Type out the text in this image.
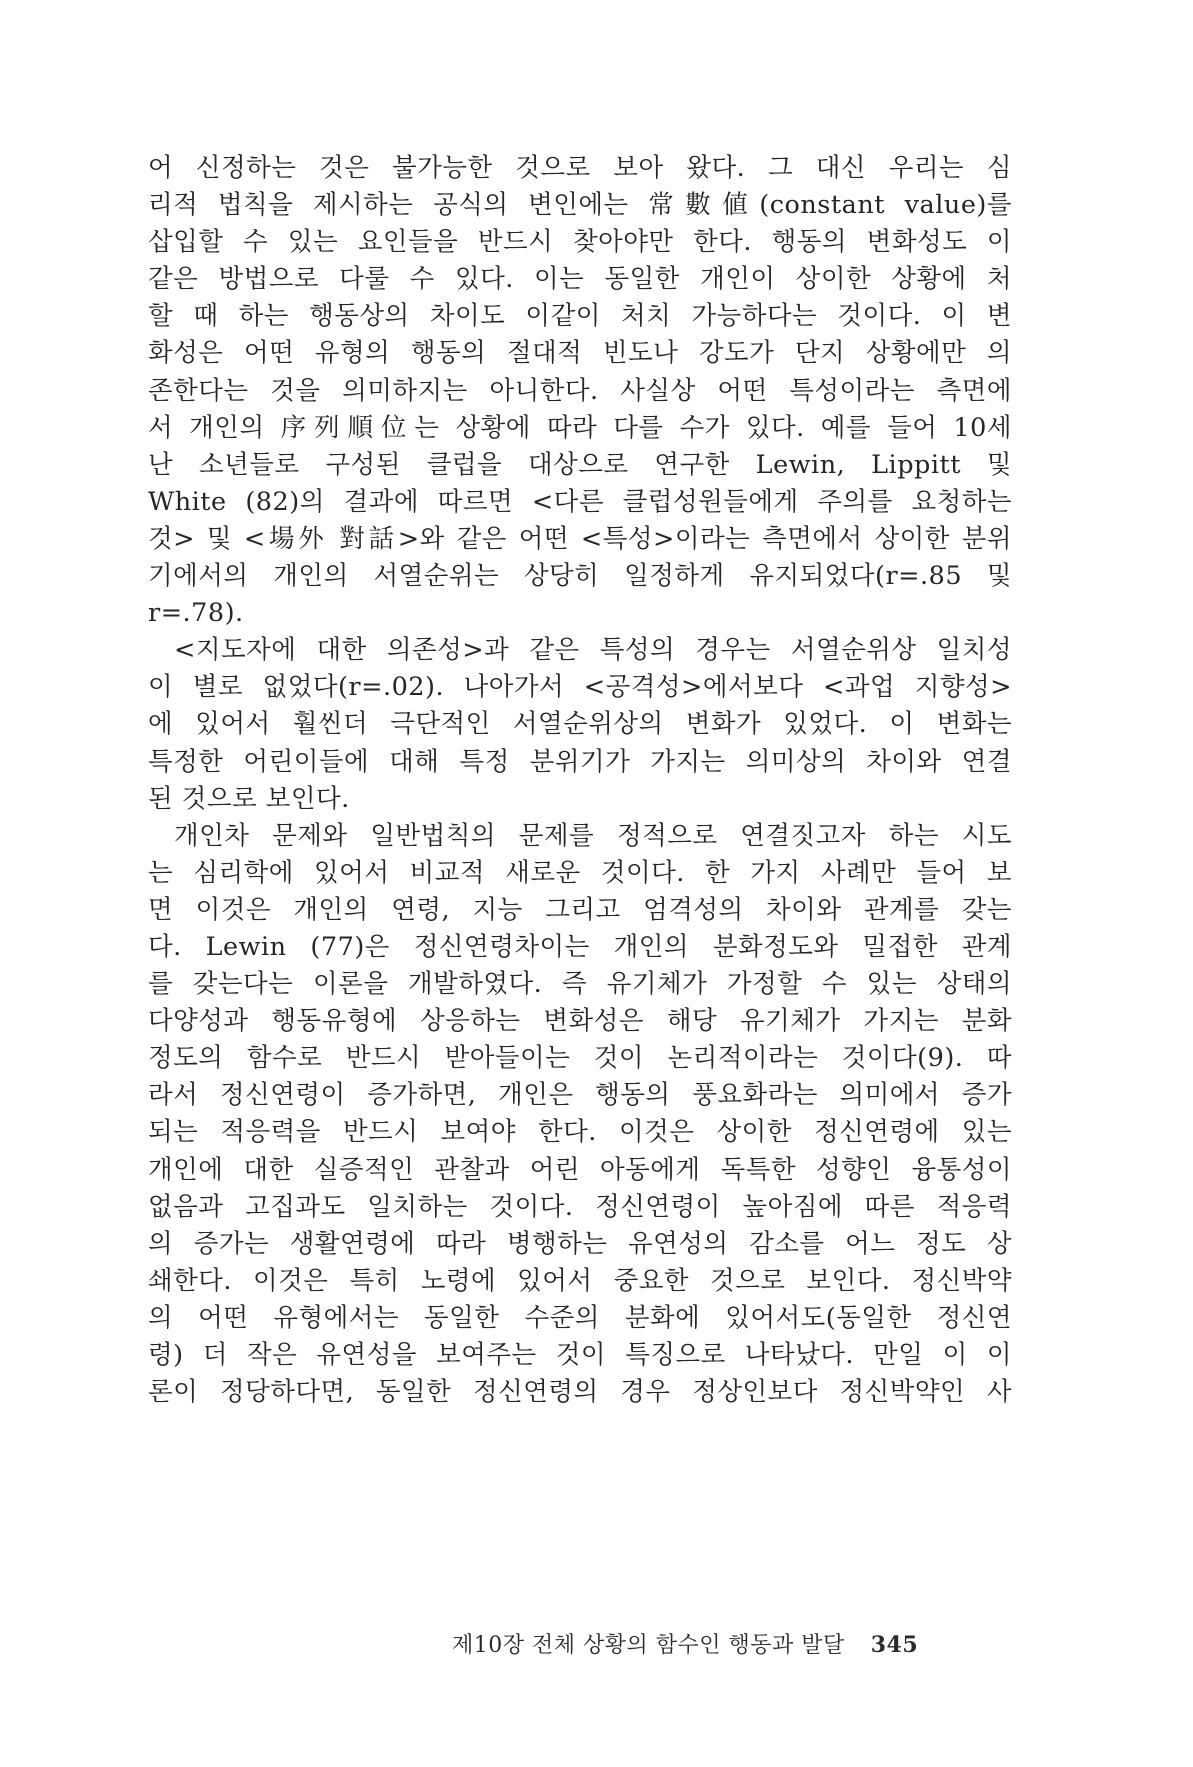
어 신정하는 것은 불가능한 것으로 보아 왔다. 그 대신 우리는 심
리적 법칙을 제시하는 공식의 변인에는 常數値(constant value)를
삽입할 수 있는 요인들을 반드시 찾아야만 한다. 행동의 변화성도 이
같은 방법으로 다룰 수 있다. 이는 동일한 개인이 상이한 상황에 처
할 때 하는 행동상의 차이도 이같이 처치 가능하다는 것이다. 이 변
화성은 어떤 유형의 행동의 절대적 빈도나 강도가 단지 상황에만 의
존한다는 것을 의미하지는 아니한다. 사실상 어떤 특성이라는 측면에
서 개인의 序列順位는 상황에 따라 다를 수가 있다. 예를 들어 10세
난 소년들로 구성된 클럽을 대상으로 연구한 Lewin, Lippitt 및
White (82)의 결과에 따르면 <다른 클럽성원들에게 주의를 요청하는
것> 및 <場外 對話>와 같은 어떤 <특성>이라는 측면에서 상이한 분위
기에서의 개인의 서열순위는 상당히 일정하게 유지되었다(r=.85 및
r=.78).
<지도자에 대한 의존성>과 같은 특성의 경우는 서열순위상 일치성
이 별로 없었다(r=.02). 나아가서 <공격성>에서보다 <과업 지향성>
에 있어서 훨씬더 극단적인 서열순위상의 변화가 있었다. 이 변화는
특정한 어린이들에 대해 특정 분위기가 가지는 의미상의 차이와 연결
된 것으로 보인다.
개인차 문제와 일반법칙의 문제를 정적으로 연결짓고자 하는 시도
는 심리학에 있어서 비교적 새로운 것이다. 한 가지 사례만 들어 보
면 이것은 개인의 연령, 지능 그리고 엄격성의 차이와 관계를 갖는
다. Lewin (77)은 정신연령차이는 개인의 분화정도와 밀접한 관계
를 갖는다는 이론을 개발하였다. 즉 유기체가 가정할 수 있는 상태의
다양성과 행동유형에 상응하는 변화성은 해당 유기체가 가지는 분화
정도의 함수로 반드시 받아들이는 것이 논리적이라는 것이다(9). 따
라서 정신연령이 증가하면, 개인은 행동의 풍요화라는 의미에서 증가
되는 적응력을 반드시 보여야 한다. 이것은 상이한 정신연령에 있는
개인에 대한 실증적인 관찰과 어린 아동에게 독특한 성향인 융통성이
없음과 고집과도 일치하는 것이다. 정신연령이 높아짐에 따른 적응력
의 증가는 생활연령에 따라 병행하는 유연성의 감소를 어느 정도 상
쇄한다. 이것은 특히 노령에 있어서 중요한 것으로 보인다. 정신박약
의 어떤 유형에서는 동일한 수준의 분화에 있어서도(동일한 정신연
령) 더 작은 유연성을 보여주는 것이 특징으로 나타났다. 만일 이 이
론이 정당하다면, 동일한 정신연령의 경우 정상인보다 정신박약인 사
제10장 전체 상황의 함수인 행동과 발달 345
